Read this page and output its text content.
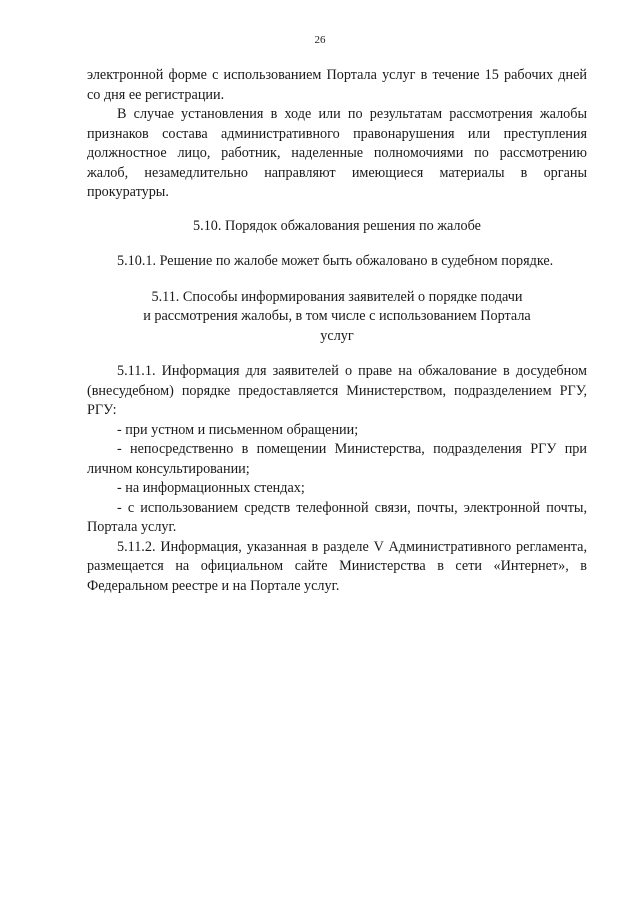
26

электронной форме с использованием Портала услуг в течение 15 рабочих дней со дня ее регистрации.

В случае установления в ходе или по результатам рассмотрения жалобы признаков состава административного правонарушения или преступления должностное лицо, работник, наделенные полномочиями по рассмотрению жалоб, незамедлительно направляют имеющиеся материалы в органы прокуратуры.

5.10. Порядок обжалования решения по жалобе

5.10.1. Решение по жалобе может быть обжаловано в судебном порядке.

5.11. Способы информирования заявителей о порядке подачи

и рассмотрения жалобы, в том числе с использованием Портала

услуг

5.11.1. Информация для заявителей о праве на обжалование в досудебном (внесудебном) порядке предоставляется Министерством, подразделением РГУ, РГУ:

- при устном и письменном обращении;

- непосредственно в помещении Министерства, подразделения РГУ при личном консультировании;

- на информационных стендах;

- с использованием средств телефонной связи, почты, электронной почты, Портала услуг.

5.11.2. Информация, указанная в разделе V Административного регламента, размещается на официальном сайте Министерства в сети «Интернет», в Федеральном реестре и на Портале услуг.
